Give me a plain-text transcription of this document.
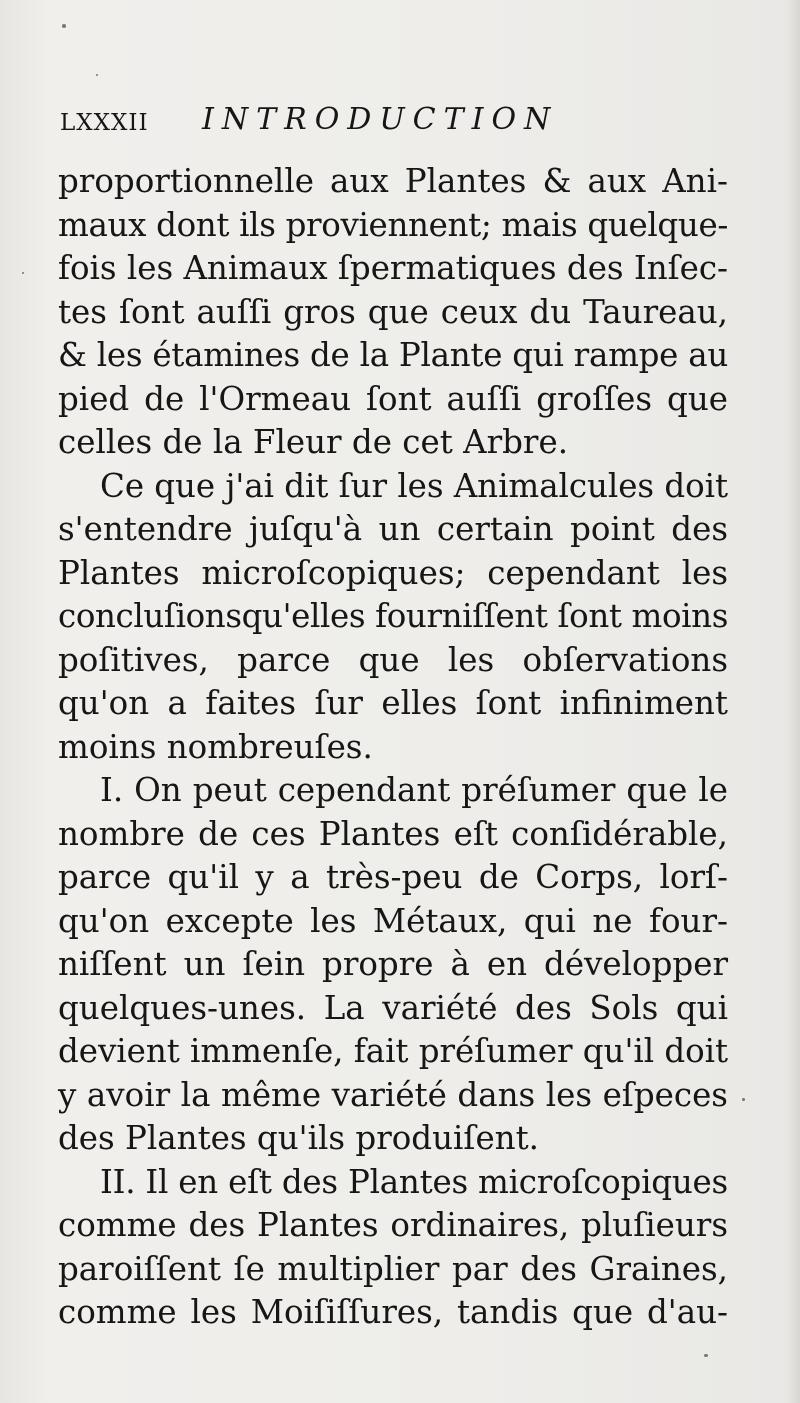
LXXXII INTRODUCTION
proportionnelle aux Plantes & aux Ani-
maux dont ils proviennent; mais quelque-
fois les Animaux ſpermatiques des Inſec-
tes ſont auſſi gros que ceux du Taureau,
& les étamines de la Plante qui rampe au
pied de l'Ormeau ſont auſſi groſſes que
celles de la Fleur de cet Arbre.
Ce que j'ai dit ſur les Animalcules doit
s'entendre juſqu'à un certain point des
Plantes microſcopiques; cependant les
concluſionsqu'elles fourniſſent ſont moins
poſitives, parce que les obſervations
qu'on a faites ſur elles ſont infiniment
moins nombreuſes.
I. On peut cependant préſumer que le
nombre de ces Plantes eſt conſidérable,
parce qu'il y a très-peu de Corps, lorſ-
qu'on excepte les Métaux, qui ne four-
niſſent un ſein propre à en développer
quelques-unes. La variété des Sols qui
devient immenſe, fait préſumer qu'il doit
y avoir la même variété dans les eſpeces
des Plantes qu'ils produiſent.
II. Il en eſt des Plantes microſcopiques
comme des Plantes ordinaires, pluſieurs
paroiſſent ſe multiplier par des Graines,
comme les Moiſiſſures, tandis que d'au-
